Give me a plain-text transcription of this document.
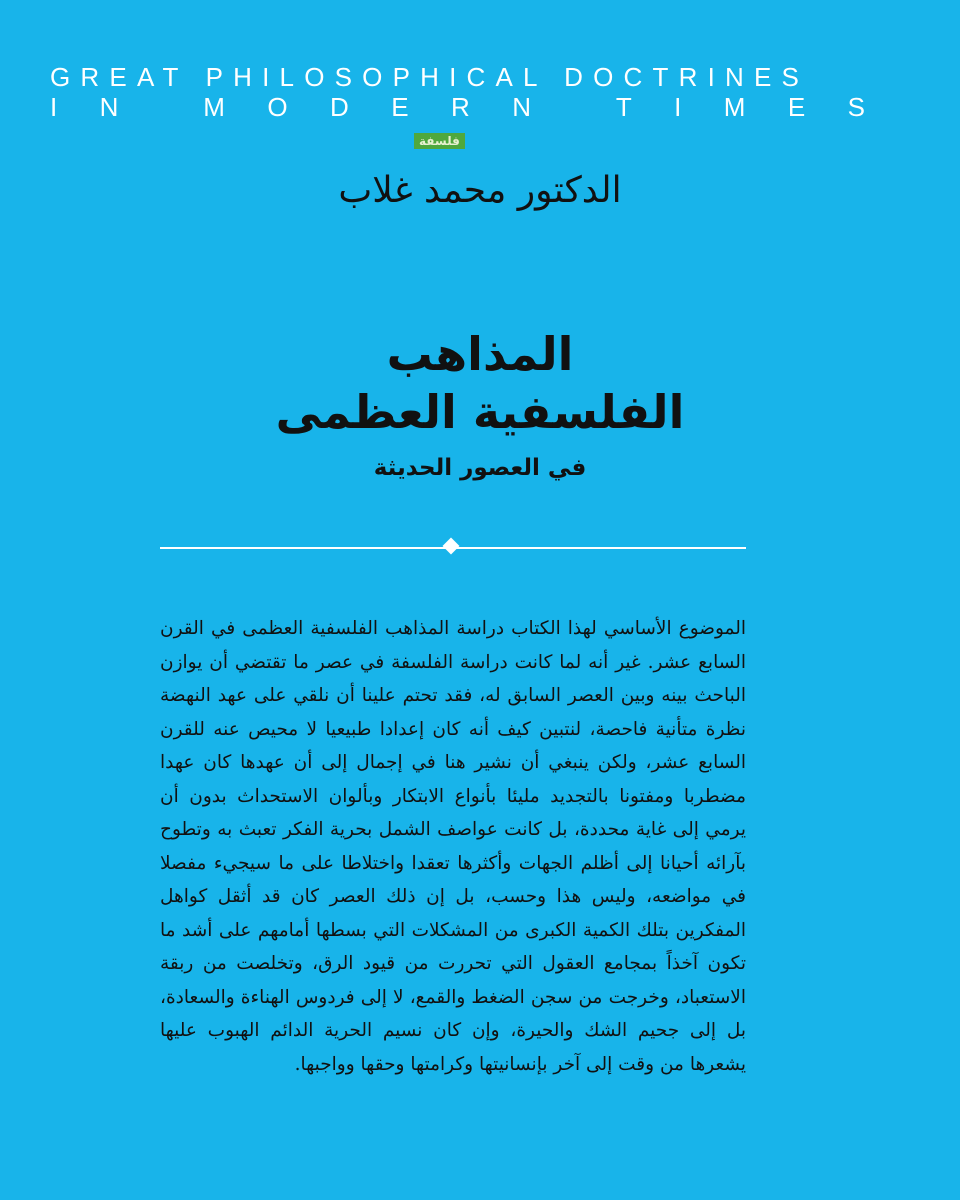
GREAT PHILOSOPHICAL DOCTRINES
I N	M O D E R N	T I M E S
فلسفة
الدكتور محمد غلاب
المذاهب
الفلسفية العظمى
في العصور الحديثة

الموضوع الأساسي لهذا الكتاب دراسة المذاهب الفلسفية العظمى في القرن السابع عشر. غير أنه لما كانت دراسة الفلسفة في عصر ما تقتضي أن يوازن الباحث بينه وبين العصر السابق له، فقد تحتم علينا أن نلقي على عهد النهضة نظرة متأنية فاحصة، لنتبين كيف أنه كان إعدادا طبيعيا لا محيص عنه للقرن السابع عشر، ولكن ينبغي أن نشير هنا في إجمال إلى أن عهدها كان عهدا مضطربا ومفتونا بالتجديد مليئا بأنواع الابتكار وبألوان الاستحداث بدون أن يرمي إلى غاية محددة، بل كانت عواصف الشمل بحرية الفكر تعبث به وتطوح بآرائه أحيانا إلى أظلم الجهات وأكثرها تعقدا واختلاطا على ما سيجيء مفصلا في مواضعه، وليس هذا وحسب، بل إن ذلك العصر كان قد أثقل كواهل المفكرين بتلك الكمية الكبرى من المشكلات التي بسطها أمامهم على أشد ما تكون آخذاً بمجامع العقول التي تحررت من قيود الرق، وتخلصت من ربقة الاستعباد، وخرجت من سجن الضغط والقمع، لا إلى فردوس الهناءة والسعادة، بل إلى جحيم الشك والحيرة، وإن كان نسيم الحرية الدائم الهبوب عليها يشعرها من وقت إلى آخر بإنسانيتها وكرامتها وحقها وواجبها.
